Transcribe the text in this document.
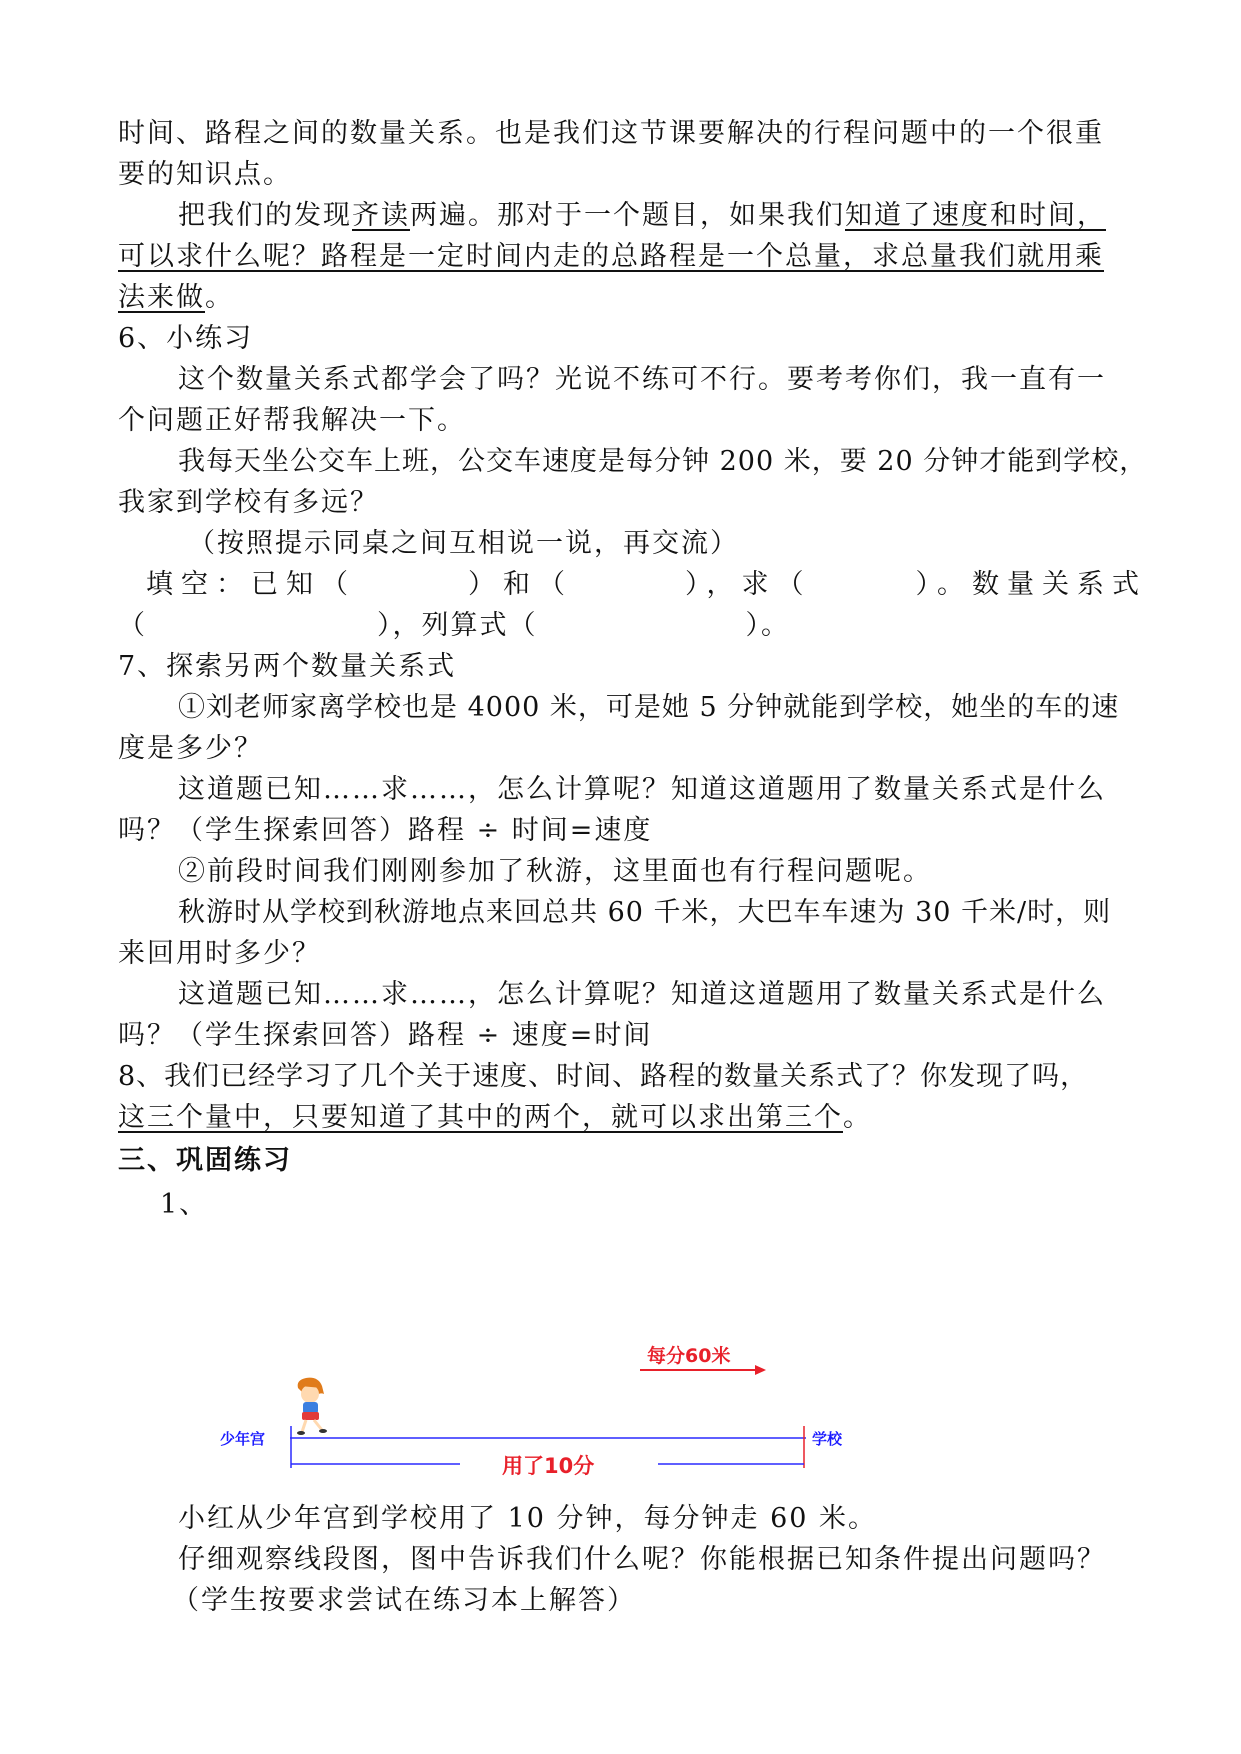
时间、路程之间的数量关系。也是我们这节课要解决的行程问题中的一个很重
要的知识点。
把我们的发现齐读两遍。那对于一个题目，如果我们知道了速度和时间，
可以求什么呢？路程是一定时间内走的总路程是一个总量，求总量我们就用乘
法来做。
6、小练习
这个数量关系式都学会了吗？光说不练可不行。要考考你们，我一直有一
个问题正好帮我解决一下。
我每天坐公交车上班，公交车速度是每分钟 200 米，要 20 分钟才能到学校，
我家到学校有多远？
（按照提示同桌之间互相说一说，再交流）
填空：已知（	）和（	），求（	）。数量关系式
（	），列算式（	）。
7、探索另两个数量关系式
①刘老师家离学校也是 4000 米，可是她 5 分钟就能到学校，她坐的车的速
度是多少？
这道题已知……求……，怎么计算呢？知道这道题用了数量关系式是什么
吗？（学生探索回答）路程 ÷ 时间=速度
②前段时间我们刚刚参加了秋游，这里面也有行程问题呢。
秋游时从学校到秋游地点来回总共 60 千米，大巴车车速为 30 千米/时，则
来回用时多少？
这道题已知……求……，怎么计算呢？知道这道题用了数量关系式是什么
吗？（学生探索回答）路程 ÷ 速度=时间
8、我们已经学习了几个关于速度、时间、路程的数量关系式了？你发现了吗，
这三个量中，只要知道了其中的两个，就可以求出第三个。
三、巩固练习
1、
每分60米
少年宫	学校
用了10分
小红从少年宫到学校用了 10 分钟，每分钟走 60 米。
仔细观察线段图，图中告诉我们什么呢？你能根据已知条件提出问题吗？
（学生按要求尝试在练习本上解答）
